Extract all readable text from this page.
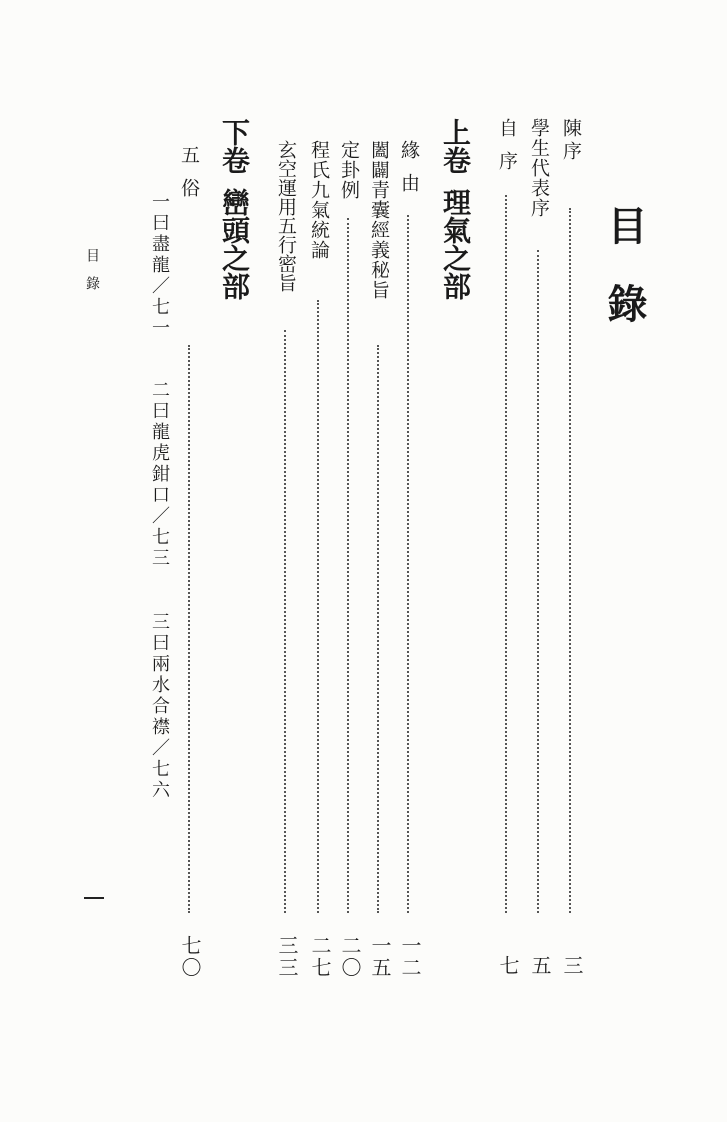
目錄
陳序
三
學生代表序
五
自序
七
上卷理氣之部
緣由
一二
闔闢青囊經義秘旨
一五
定卦例
二〇
程氏九氣統論
二七
玄空運用五行密旨
三三
下卷巒頭之部
五俗
七〇
一曰盡龍／七一
二曰龍虎鉗口／七三
三曰兩水合襟／七六
目錄
